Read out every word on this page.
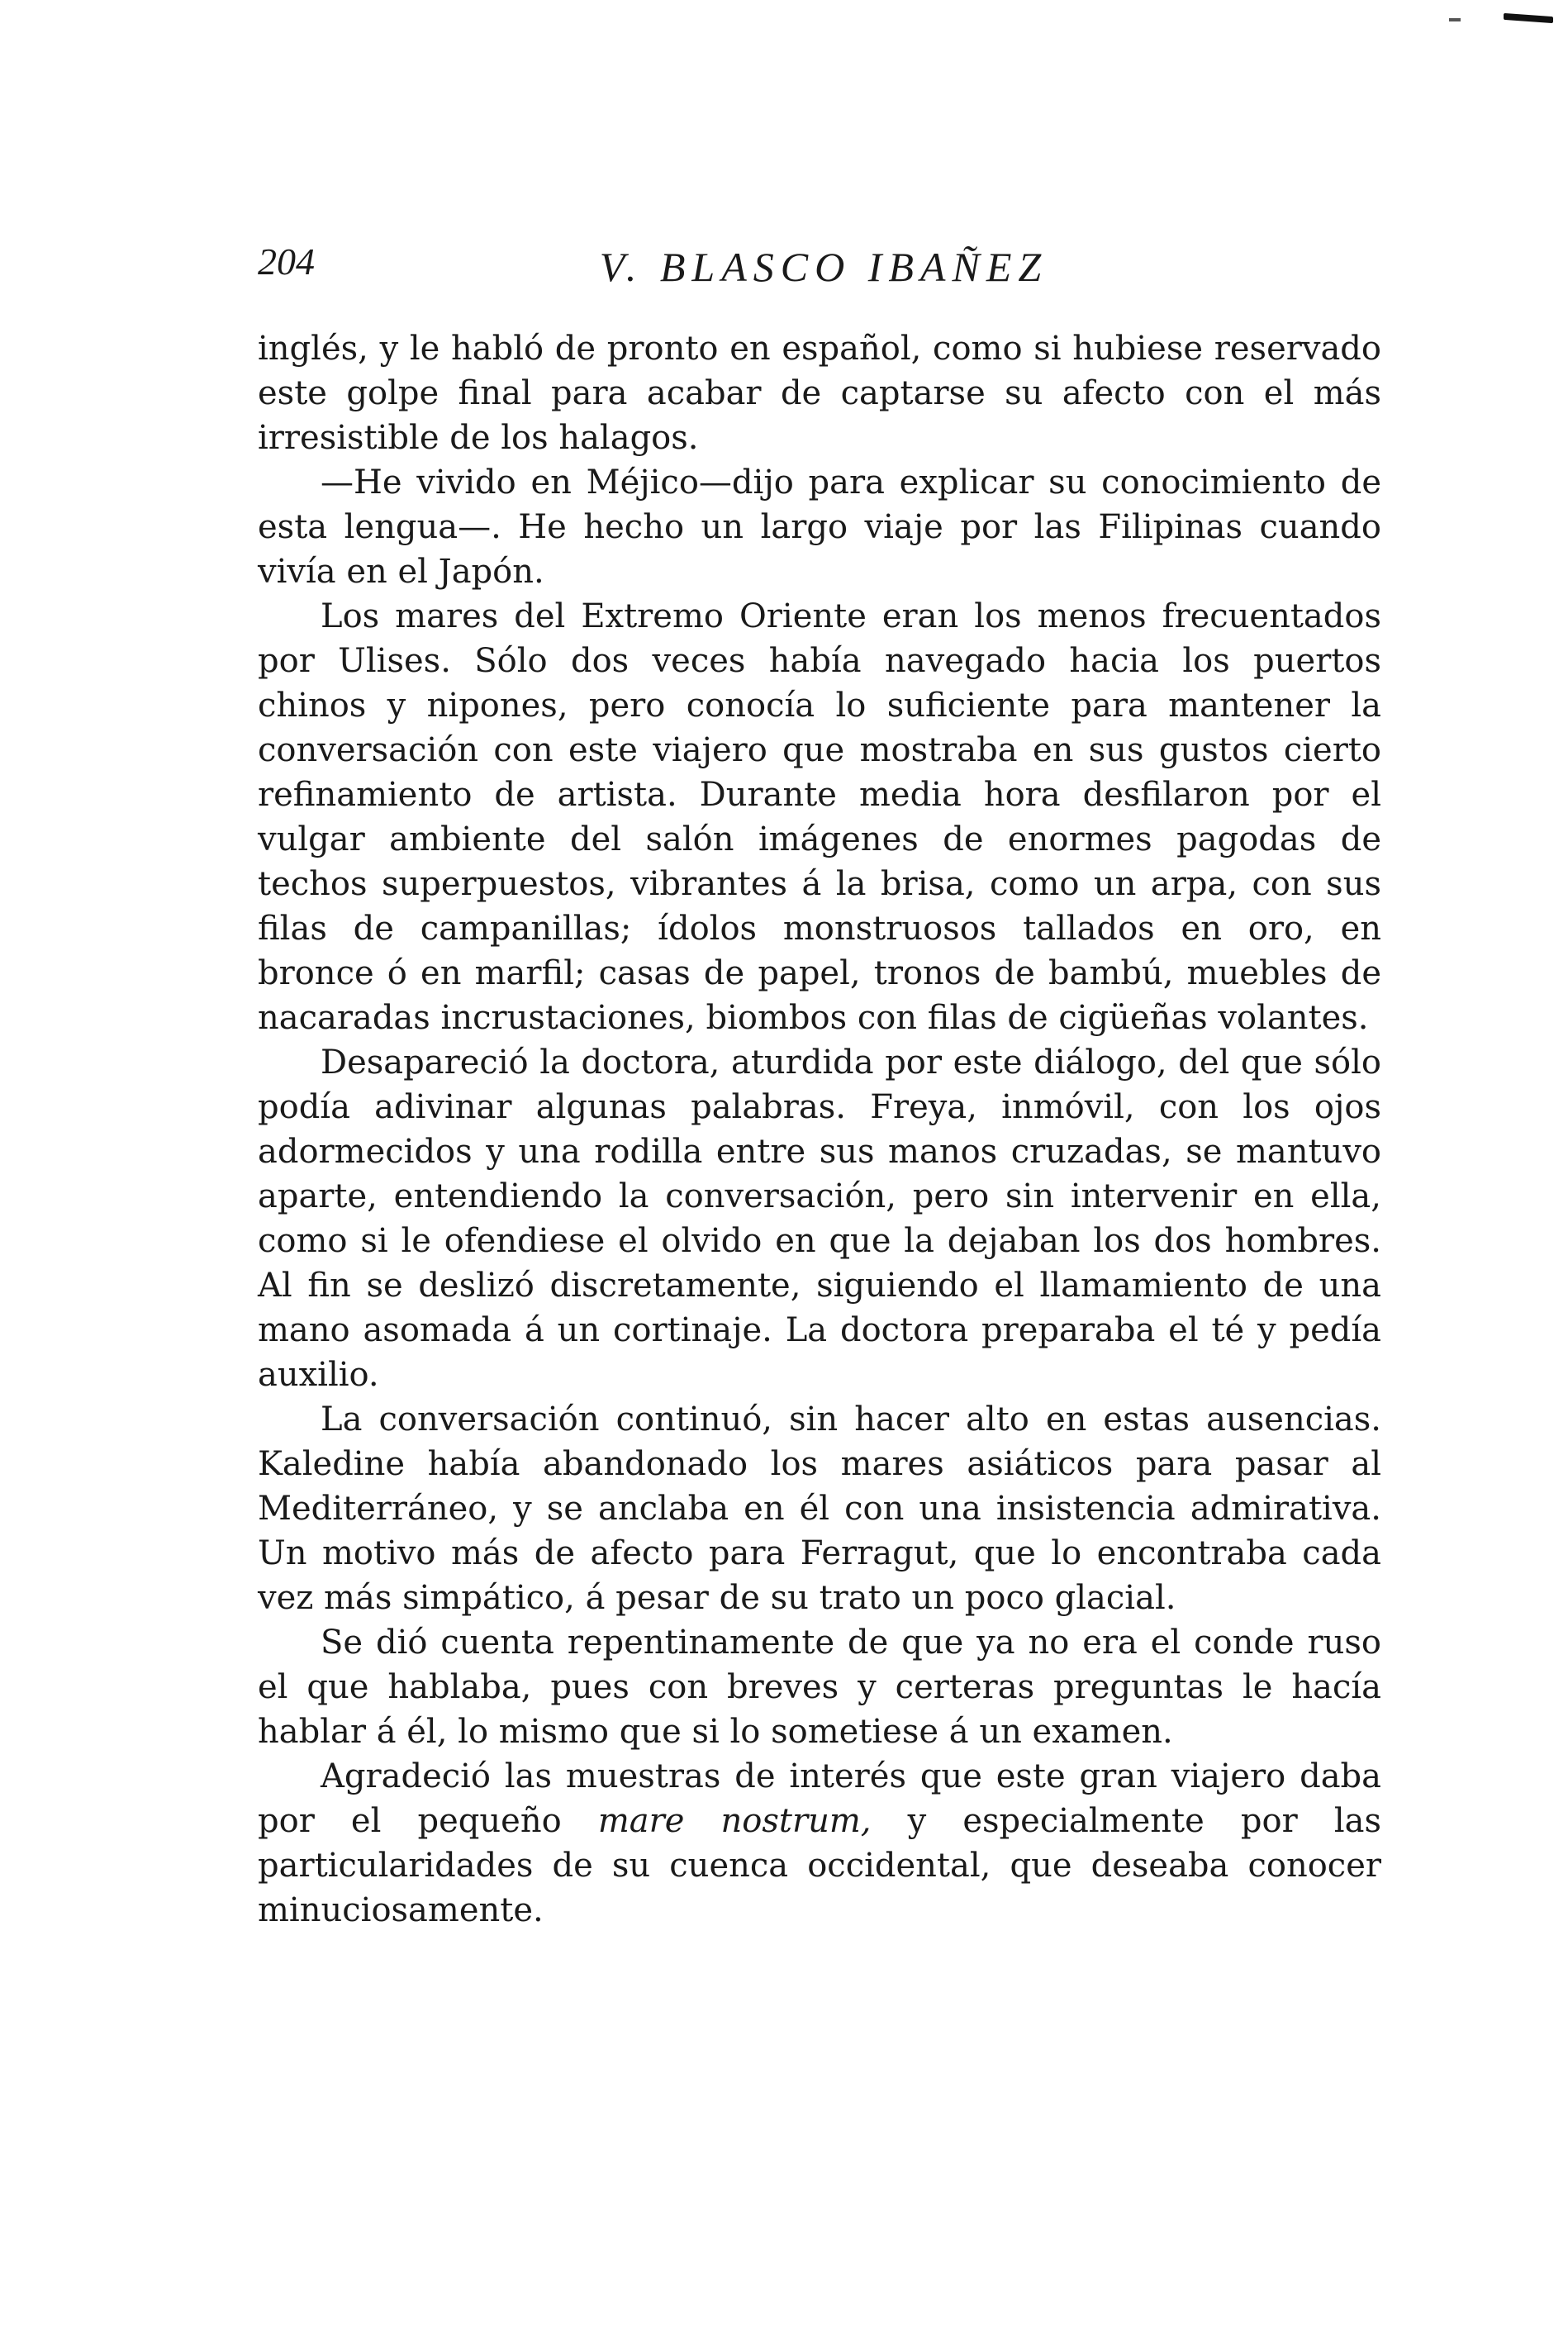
204	V. BLASCO IBAÑEZ

inglés, y le habló de pronto en español, como si hubiese reservado este golpe final para acabar de captarse su afecto con el más irresistible de los halagos.

—He vivido en Méjico—dijo para explicar su conocimiento de esta lengua—. He hecho un largo viaje por las Filipinas cuando vivía en el Japón.

Los mares del Extremo Oriente eran los menos frecuentados por Ulises. Sólo dos veces había navegado hacia los puertos chinos y nipones, pero conocía lo suficiente para mantener la conversación con este viajero que mostraba en sus gustos cierto refinamiento de artista. Durante media hora desfilaron por el vulgar ambiente del salón imágenes de enormes pagodas de techos superpuestos, vibrantes á la brisa, como un arpa, con sus filas de campanillas; ídolos monstruosos tallados en oro, en bronce ó en marfil; casas de papel, tronos de bambú, muebles de nacaradas incrustaciones, biombos con filas de cigüeñas volantes.

Desapareció la doctora, aturdida por este diálogo, del que sólo podía adivinar algunas palabras. Freya, inmóvil, con los ojos adormecidos y una rodilla entre sus manos cruzadas, se mantuvo aparte, entendiendo la conversación, pero sin intervenir en ella, como si le ofendiese el olvido en que la dejaban los dos hombres. Al fin se deslizó discretamente, siguiendo el llamamiento de una mano asomada á un cortinaje. La doctora preparaba el té y pedía auxilio.

La conversación continuó, sin hacer alto en estas ausencias. Kaledine había abandonado los mares asiáticos para pasar al Mediterráneo, y se anclaba en él con una insistencia admirativa. Un motivo más de afecto para Ferragut, que lo encontraba cada vez más simpático, á pesar de su trato un poco glacial.

Se dió cuenta repentinamente de que ya no era el conde ruso el que hablaba, pues con breves y certeras preguntas le hacía hablar á él, lo mismo que si lo sometiese á un examen.

Agradeció las muestras de interés que este gran viajero daba por el pequeño mare nostrum, y especialmente por las particularidades de su cuenca occidental, que deseaba conocer minuciosamente.
